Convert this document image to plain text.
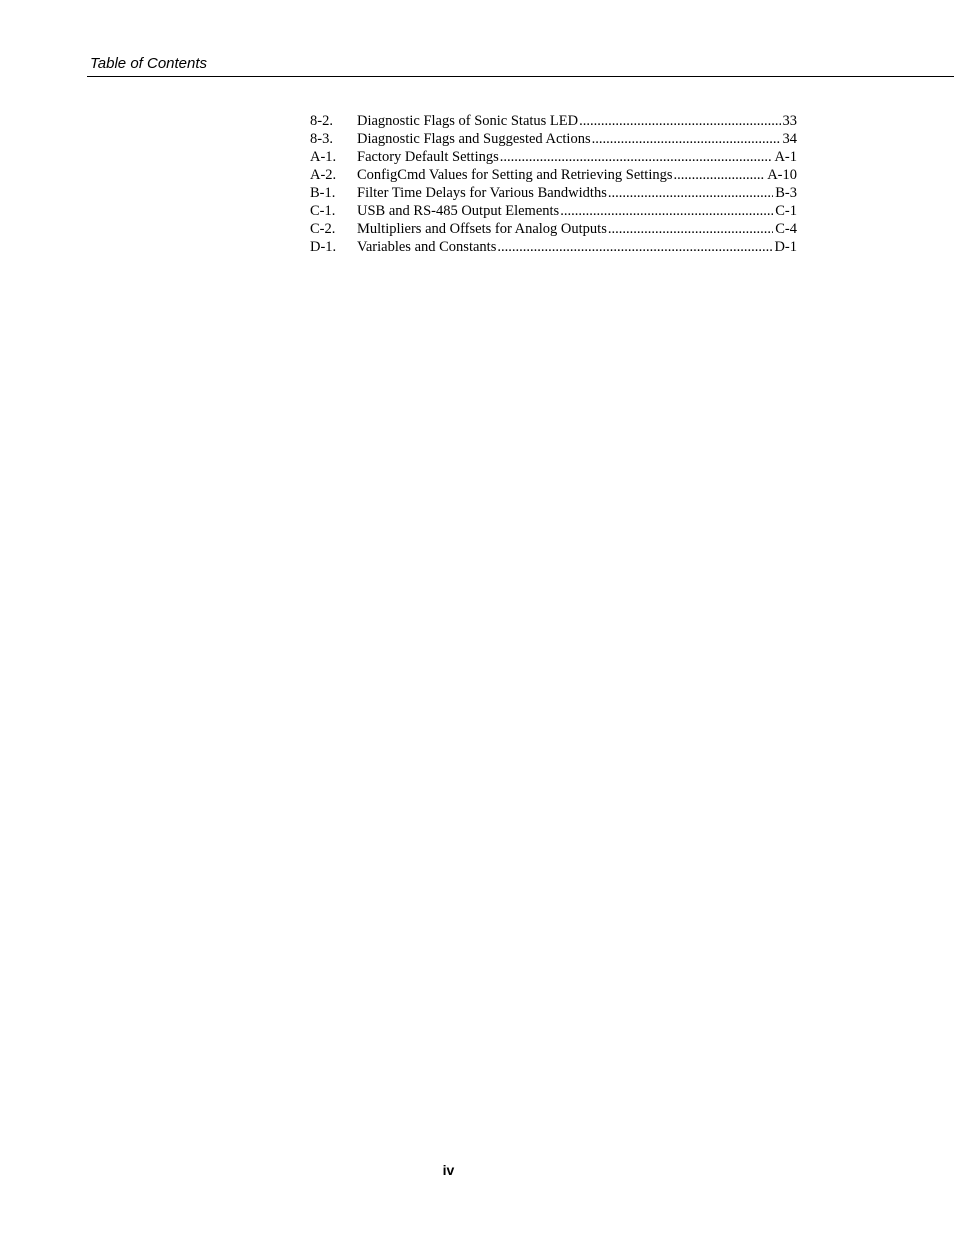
Table of Contents
8-2.	Diagnostic Flags of Sonic Status LED .....	33
8-3.	Diagnostic Flags and Suggested Actions .....	34
A-1.	Factory Default Settings .....	A-1
A-2.	ConfigCmd Values for Setting and Retrieving Settings .....	A-10
B-1.	Filter Time Delays for Various Bandwidths .....	B-3
C-1.	USB and RS-485 Output Elements .....	C-1
C-2.	Multipliers and Offsets for Analog Outputs .....	C-4
D-1.	Variables and Constants .....	D-1
iv
